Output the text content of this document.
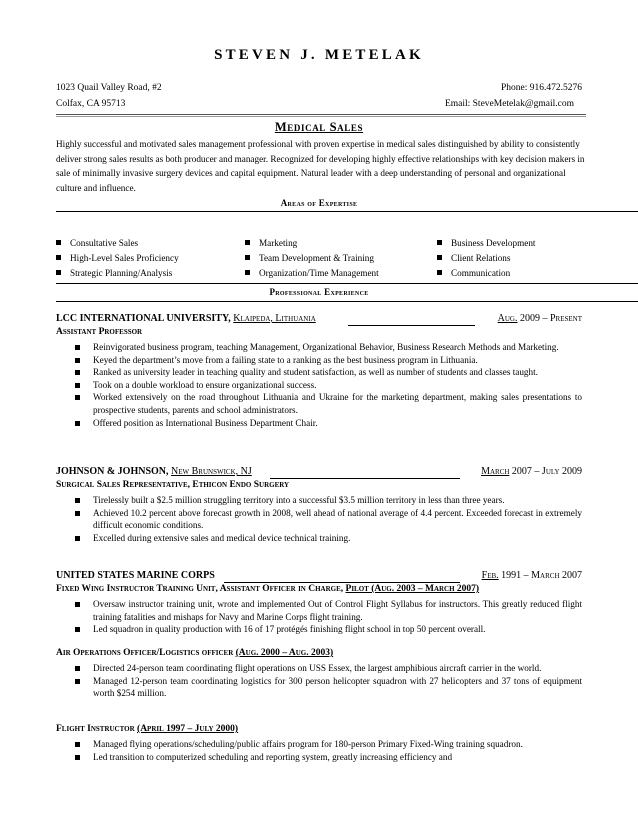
STEVEN J. METELAK
1023 Quail Valley Road, #2
Colfax, CA 95713
Phone: 916.472.5276
Email: SteveMetelak@gmail.com
Medical Sales
Highly successful and motivated sales management professional with proven expertise in medical sales distinguished by ability to consistently deliver strong sales results as both producer and manager. Recognized for developing highly effective relationships with key decision makers in sale of minimally invasive surgery devices and capital equipment. Natural leader with a deep understanding of personal and organizational culture and influence.
Areas of Expertise
Consultative Sales
High-Level Sales Proficiency
Strategic Planning/Analysis
Marketing
Team Development & Training
Organization/Time Management
Business Development
Client Relations
Communication
Professional Experience
LCC INTERNATIONAL UNIVERSITY, Klaipeda, Lithuania	Aug. 2009 – Present
Assistant Professor
Reinvigorated business program, teaching Management, Organizational Behavior, Business Research Methods and Marketing.
Keyed the department’s move from a failing state to a ranking as the best business program in Lithuania.
Ranked as university leader in teaching quality and student satisfaction, as well as number of students and classes taught.
Took on a double workload to ensure organizational success.
Worked extensively on the road throughout Lithuania and Ukraine for the marketing department, making sales presentations to prospective students, parents and school administrators.
Offered position as International Business Department Chair.
JOHNSON & JOHNSON, New Brunswick, NJ	March 2007 – July 2009
Surgical Sales Representative, Ethicon Endo Surgery
Tirelessly built a $2.5 million struggling territory into a successful $3.5 million territory in less than three years.
Achieved 10.2 percent above forecast growth in 2008, well ahead of national average of 4.4 percent. Exceeded forecast in extremely difficult economic conditions.
Excelled during extensive sales and medical device technical training.
UNITED STATES MARINE CORPS	Feb. 1991 – March 2007
Fixed Wing Instructor Training Unit, Assistant Officer in Charge, Pilot (Aug. 2003 – March 2007)
Oversaw instructor training unit, wrote and implemented Out of Control Flight Syllabus for instructors. This greatly reduced flight training fatalities and mishaps for Navy and Marine Corps flight training.
Led squadron in quality production with 16 of 17 protégés finishing flight school in top 50 percent overall.
Air Operations Officer/Logistics officer (Aug. 2000 – Aug. 2003)
Directed 24-person team coordinating flight operations on USS Essex, the largest amphibious aircraft carrier in the world.
Managed 12-person team coordinating logistics for 300 person helicopter squadron with 27 helicopters and 37 tons of equipment worth $254 million.
Flight Instructor (April 1997 – July 2000)
Managed flying operations/scheduling/public affairs program for 180-person Primary Fixed-Wing training squadron.
Led transition to computerized scheduling and reporting system, greatly increasing efficiency and
